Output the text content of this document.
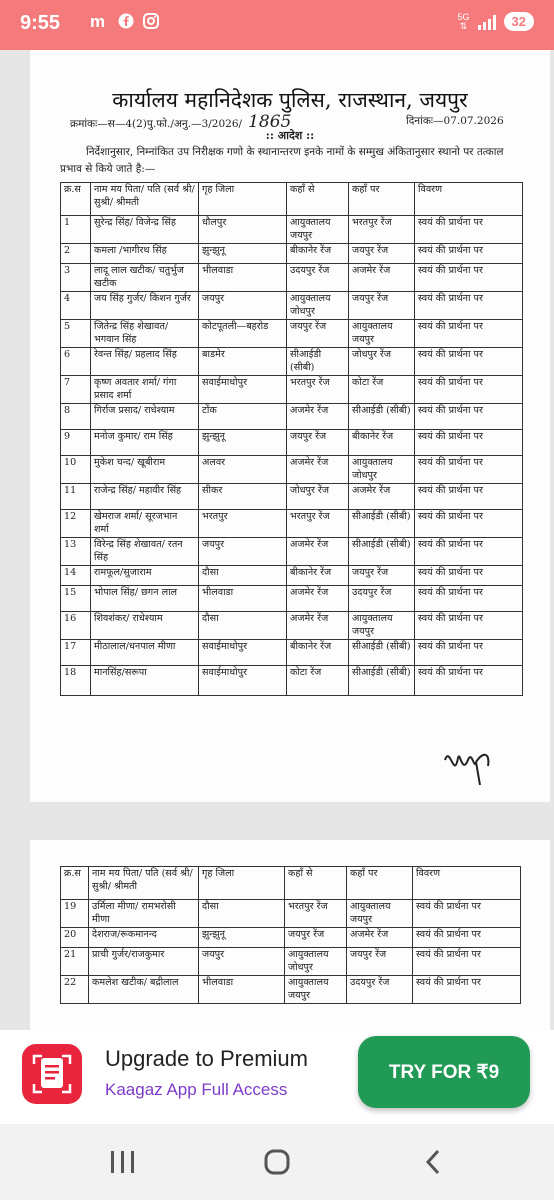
9:55 m	5G
⇅	32
कार्यालय महानिदेशक पुलिस, राजस्थान, जयपुर
क्रमांकः—स—4(2)पु.फो./अनु.—3/2026/ 1865	दिनांकः—07.07.2026
:: आदेश ::
निर्देशानुसार, निम्नांकित उप निरीक्षक गणो के स्थानान्तरण इनके नामों के सम्मुख अंकितानुसार स्थानो पर तत्काल प्रभाव से किये जाते है:—
क्र.स	नाम मय पिता/ पति (सर्व श्री/सुश्री/ श्रीमती	गृह जिला	कहाँ से	कहाँ पर	विवरण
1	सुरेन्द्र सिंह/ विजेन्द्र सिंह	धौलपुर	आयुक्तालय जयपुर	भरतपुर रेंज	स्वयं की प्रार्थना पर
2	कमला /भागीरथ सिंह	झुन्झुनू	बीकानेर रेंज	जयपुर रेंज	स्वयं की प्रार्थना पर
3	लादू लाल खटीक/ चतुर्भुज खटीक	भीलवाडा	उदयपुर रेंज	अजमेर रेंज	स्वयं की प्रार्थना पर
4	जय सिंह गुर्जर/ किशन गुर्जर	जयपुर	आयुक्तालय जोधपुर	जयपुर रेंज	स्वयं की प्रार्थना पर
5	जितेन्द्र सिंह शेखावत/ भगवान सिंह	कोटपूतली—बहरोड	जयपुर रेंज	आयुक्तालय जयपुर	स्वयं की प्रार्थना पर
6	रेवन्त सिंह/ प्रहलाद सिंह	बाडमेर	सीआईडी (सीबी)	जोधपुर रेंज	स्वयं की प्रार्थना पर
7	कृष्ण अवतार शर्मा/ गंगा प्रसाद शर्मा	सवाईमाधोपुर	भरतपुर रेंज	कोटा रेंज	स्वयं की प्रार्थना पर
8	गिर्राज प्रसाद/ राधेश्याम	टोंक	अजमेर रेंज	सीआईडी (सीबी)	स्वयं की प्रार्थना पर
9	मनोज कुमार/ राम सिंह	झुन्झुनू	जयपुर रेंज	बीकानेर रेंज	स्वयं की प्रार्थना पर
10	मुकेश चन्द/ खूबीराम	अलवर	अजमेर रेंज	आयुक्तालय जोधपुर	स्वयं की प्रार्थना पर
11	राजेन्द्र सिंह/ महावीर सिंह	सीकर	जोधपुर रेंज	अजमेर रेंज	स्वयं की प्रार्थना पर
12	खेमराज शर्मा/ सूरजभान शर्मा	भरतपुर	भरतपुर रेंज	सीआईडी (सीबी)	स्वयं की प्रार्थना पर
13	विरेन्द्र सिंह शेखावत/ रतन सिंह	जयपुर	अजमेर रेंज	सीआईडी (सीबी)	स्वयं की प्रार्थना पर
14	रामफूल/सुजाराम	दौसा	बीकानेर रेंज	जयपुर रेंज	स्वयं की प्रार्थना पर
15	भोपाल सिंह/ छगन लाल	भीलवाडा	अजमेर रेंज	उदयपुर रेंज	स्वयं की प्रार्थना पर
16	शिवशंकर/ राधेश्याम	दौसा	अजमेर रेंज	आयुक्तालय जयपुर	स्वयं की प्रार्थना पर
17	मीठालाल/धनपाल मीणा	सवाईमाधोपुर	बीकानेर रेंज	सीआईडी (सीबी)	स्वयं की प्रार्थना पर
18	मानसिंह/सरूपा	सवाईमाधोपुर	कोटा रेंज	सीआईडी (सीबी)	स्वयं की प्रार्थना पर
क्र.स	नाम मय पिता/ पति (सर्व श्री/सुश्री/ श्रीमती	गृह जिला	कहाँ से	कहाँ पर	विवरण
19	उर्मिला मीणा/ रामभरोसी मीणा	दौसा	भरतपुर रेंज	आयुक्तालय जयपुर	स्वयं की प्रार्थना पर
20	देशराज/रूकमानन्द	झुन्झुनू	जयपुर रेंज	अजमेर रेंज	स्वयं की प्रार्थना पर
21	प्राची गुर्जर/राजकुमार	जयपुर	आयुक्तालय जोधपुर	जयपुर रेंज	स्वयं की प्रार्थना पर
22	कमलेश खटीक/ बद्रीलाल	भीलवाडा	आयुक्तालय जयपुर	उदयपुर रेंज	स्वयं की प्रार्थना पर
Upgrade to Premium
Kaagaz App Full Access
TRY FOR ₹9
